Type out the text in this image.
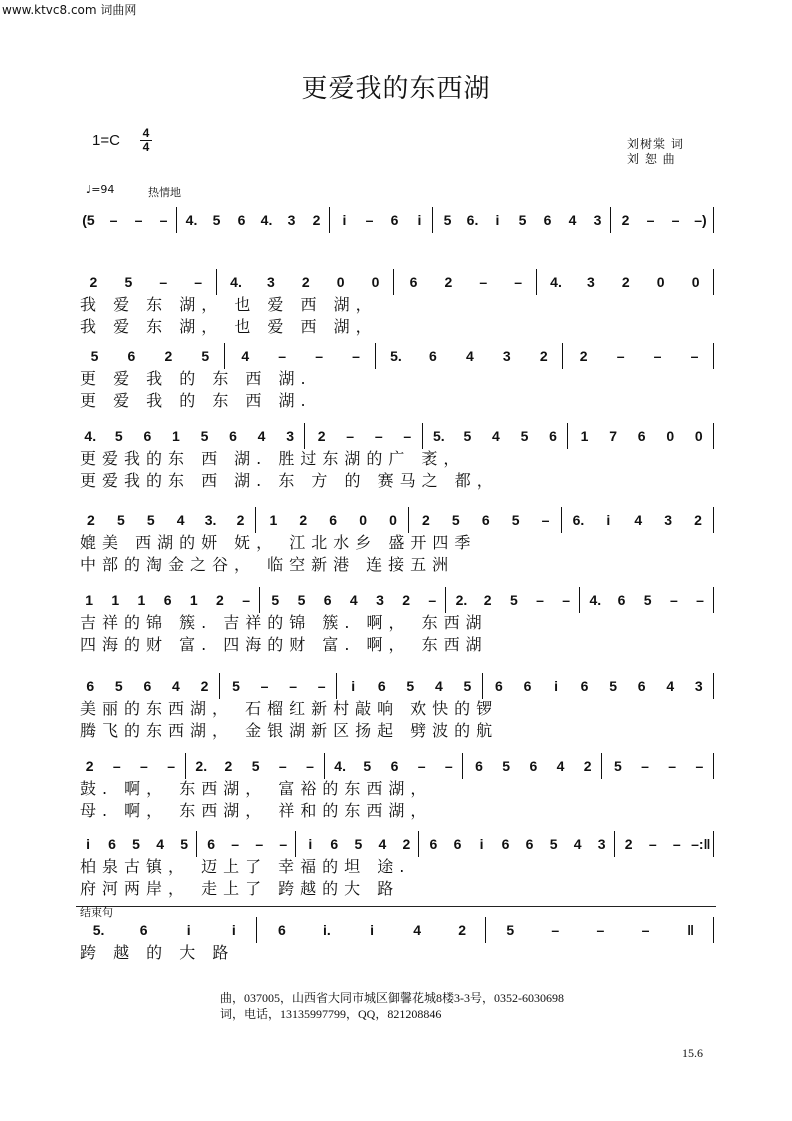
www.ktvc8.com 词曲网
更爱我的东西湖
1=C 4
4	刘树棠 词
刘 恕 曲
♩=94	热情地
(5	–	–	–	4.	5	6	4.	3	2	i	–	6	i	5	6.	i	5	6	4	3	2	–	–	–)
2	5	–	–	4.	3	2	0	0	6	2	–	–	4.	3	2	0	0
我 爱 东 湖， 也 爱 西 湖，
我 爱 东 湖， 也 爱 西 湖，
5	6	2	5	4	–	–	–	5.	6	4	3	2	2	–	–	–
更 爱 我 的 东 西 湖.
更 爱 我 的 东 西 湖.
4.	5	6	1	5	6	4	3	2	–	–	–	5.	5	4	5	6	1	7	6	0	0
更爱我的东 西 湖. 胜过东湖的广 袤，
更爱我的东 西 湖. 东 方 的 赛马之 都，
2	5	5	4	3.	2	1	2	6	0	0	2	5	6	5	–	6.	i	4	3	2
媲美 西湖的妍 妩， 江北水乡 盛开四季
中部的淘金之谷， 临空新港 连接五洲
1	1	1	6	1	2	–	5	5	6	4	3	2	–	2.	2	5	–	–	4.	6	5	–	–
吉祥的锦 簇. 吉祥的锦 簇. 啊， 东西湖
四海的财 富. 四海的财 富. 啊， 东西湖
6	5	6	4	2	5	–	–	–	i	6	5	4	5	6	6	i	6	5	6	4	3
美丽的东西湖， 石榴红新村敲响 欢快的锣
腾飞的东西湖， 金银湖新区扬起 劈波的航
2	–	–	–	2.	2	5	–	–	4.	5	6	–	–	6	5	6	4	2	5	–	–	–
鼓. 啊， 东西湖， 富裕的东西湖，
母. 啊， 东西湖， 祥和的东西湖，
i	6	5	4	5	6	–	–	–	i	6	5	4	2	6	6	i	6	6	5	4	3	2	–	– –:‖
柏泉古镇， 迈上了 幸福的坦 途.
府河两岸， 走上了 跨越的大 路
5.	6	i	i	6	i.	i	4	2	5	–	–	–	‖
跨 越 的 大 路
结束句
曲，037005，山西省大同市城区御馨花城8楼3-3号，0352-6030698
词，电话，13135997799，QQ，821208846
15.6
